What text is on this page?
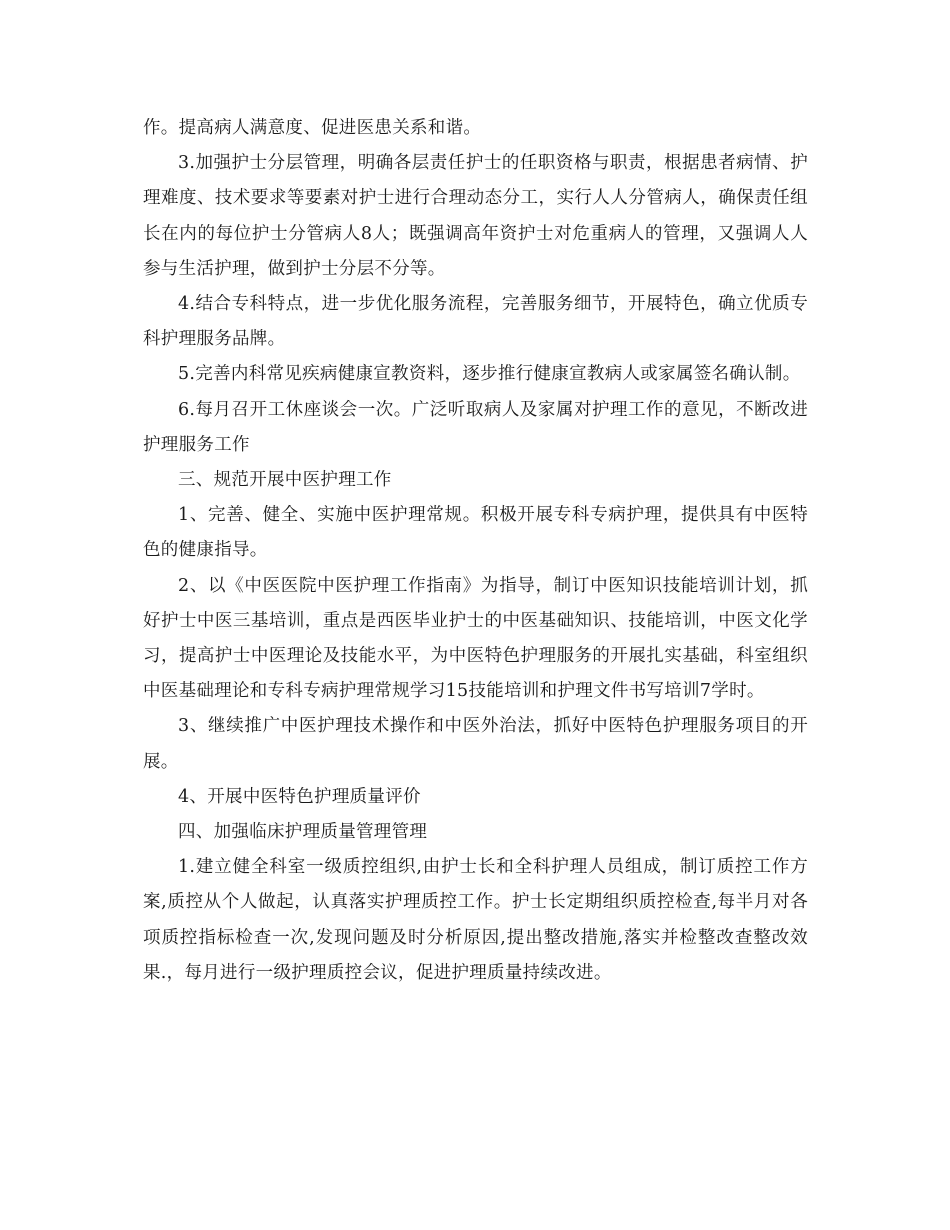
作。提高病人满意度、促进医患关系和谐。

3.加强护士分层管理，明确各层责任护士的任职资格与职责，根据患者病情、护理难度、技术要求等要素对护士进行合理动态分工，实行人人分管病人，确保责任组长在内的每位护士分管病人8人；既强调高年资护士对危重病人的管理，又强调人人参与生活护理，做到护士分层不分等。

4.结合专科特点，进一步优化服务流程，完善服务细节，开展特色，确立优质专科护理服务品牌。

5.完善内科常见疾病健康宣教资料，逐步推行健康宣教病人或家属签名确认制。

6.每月召开工休座谈会一次。广泛听取病人及家属对护理工作的意见，不断改进护理服务工作

三、规范开展中医护理工作

1、完善、健全、实施中医护理常规。积极开展专科专病护理，提供具有中医特色的健康指导。

2、以《中医医院中医护理工作指南》为指导，制订中医知识技能培训计划，抓好护士中医三基培训，重点是西医毕业护士的中医基础知识、技能培训，中医文化学习，提高护士中医理论及技能水平，为中医特色护理服务的开展扎实基础，科室组织中医基础理论和专科专病护理常规学习15技能培训和护理文件书写培训7学时。

3、继续推广中医护理技术操作和中医外治法，抓好中医特色护理服务项目的开展。

4、开展中医特色护理质量评价

四、加强临床护理质量管理管理

1.建立健全科室一级质控组织,由护士长和全科护理人员组成，制订质控工作方案,质控从个人做起，认真落实护理质控工作。护士长定期组织质控检查,每半月对各项质控指标检查一次,发现问题及时分析原因,提出整改措施,落实并检整改查整改效果.，每月进行一级护理质控会议，促进护理质量持续改进。
